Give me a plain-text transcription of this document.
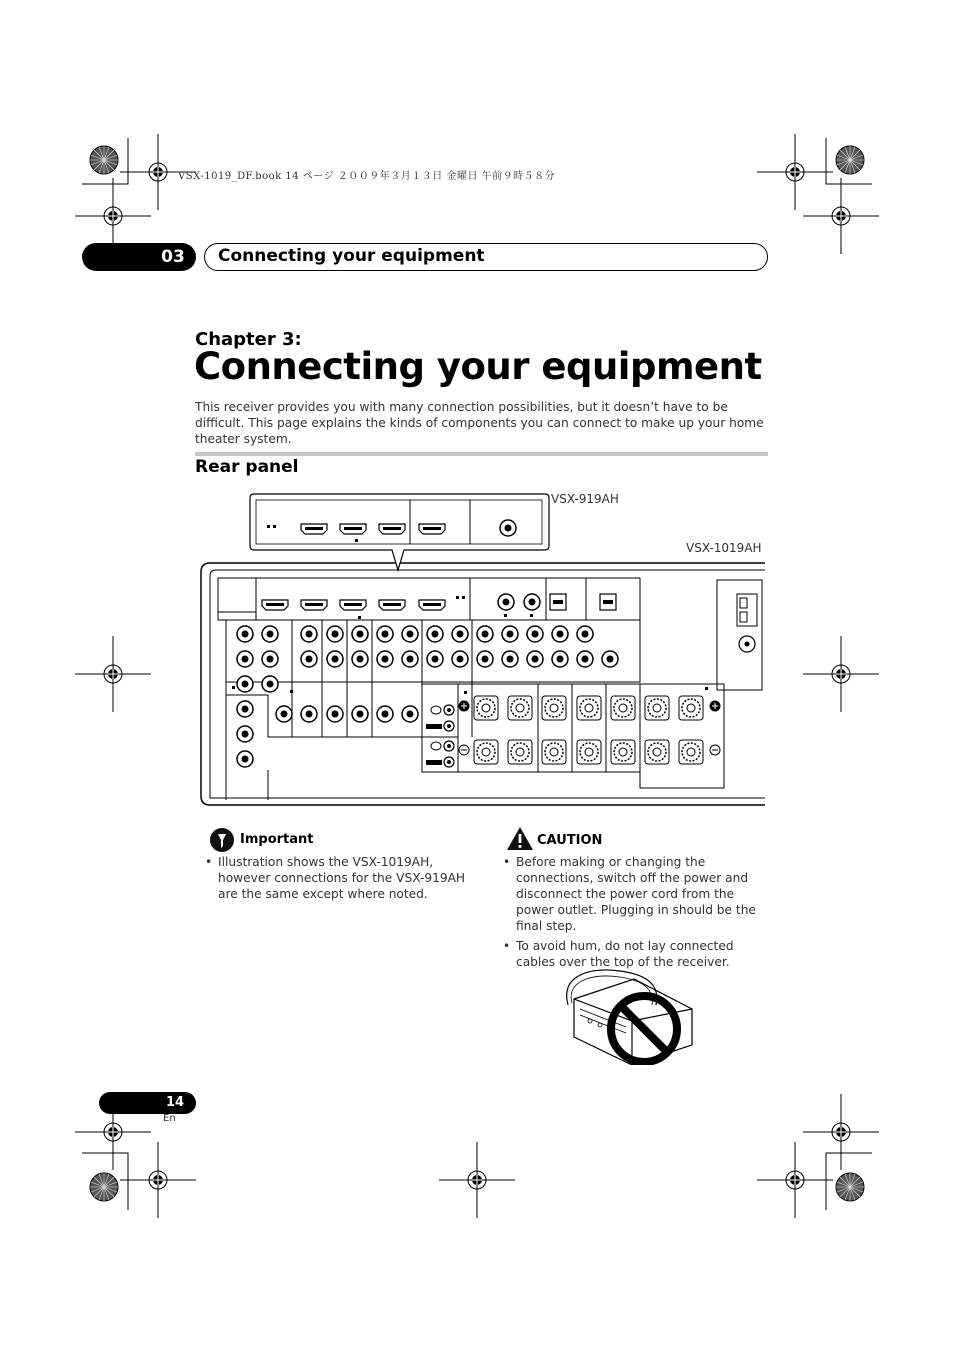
VSX-1019_DF.book 14 ページ ２００９年３月１３日 金曜日 午前９時５８分
03	Connecting your equipment
Chapter 3:
Connecting your equipment
This receiver provides you with many connection possibilities, but it doesn’t have to be difficult. This page explains the kinds of components you can connect to make up your home theater system.
Rear panel
VSX-919AH
VSX-1019AH
Important
• Illustration shows the VSX-1019AH, however connections for the VSX-919AH are the same except where noted.
CAUTION
• Before making or changing the connections, switch off the power and disconnect the power cord from the power outlet. Plugging in should be the final step.
• To avoid hum, do not lay connected cables over the top of the receiver.
14
En
